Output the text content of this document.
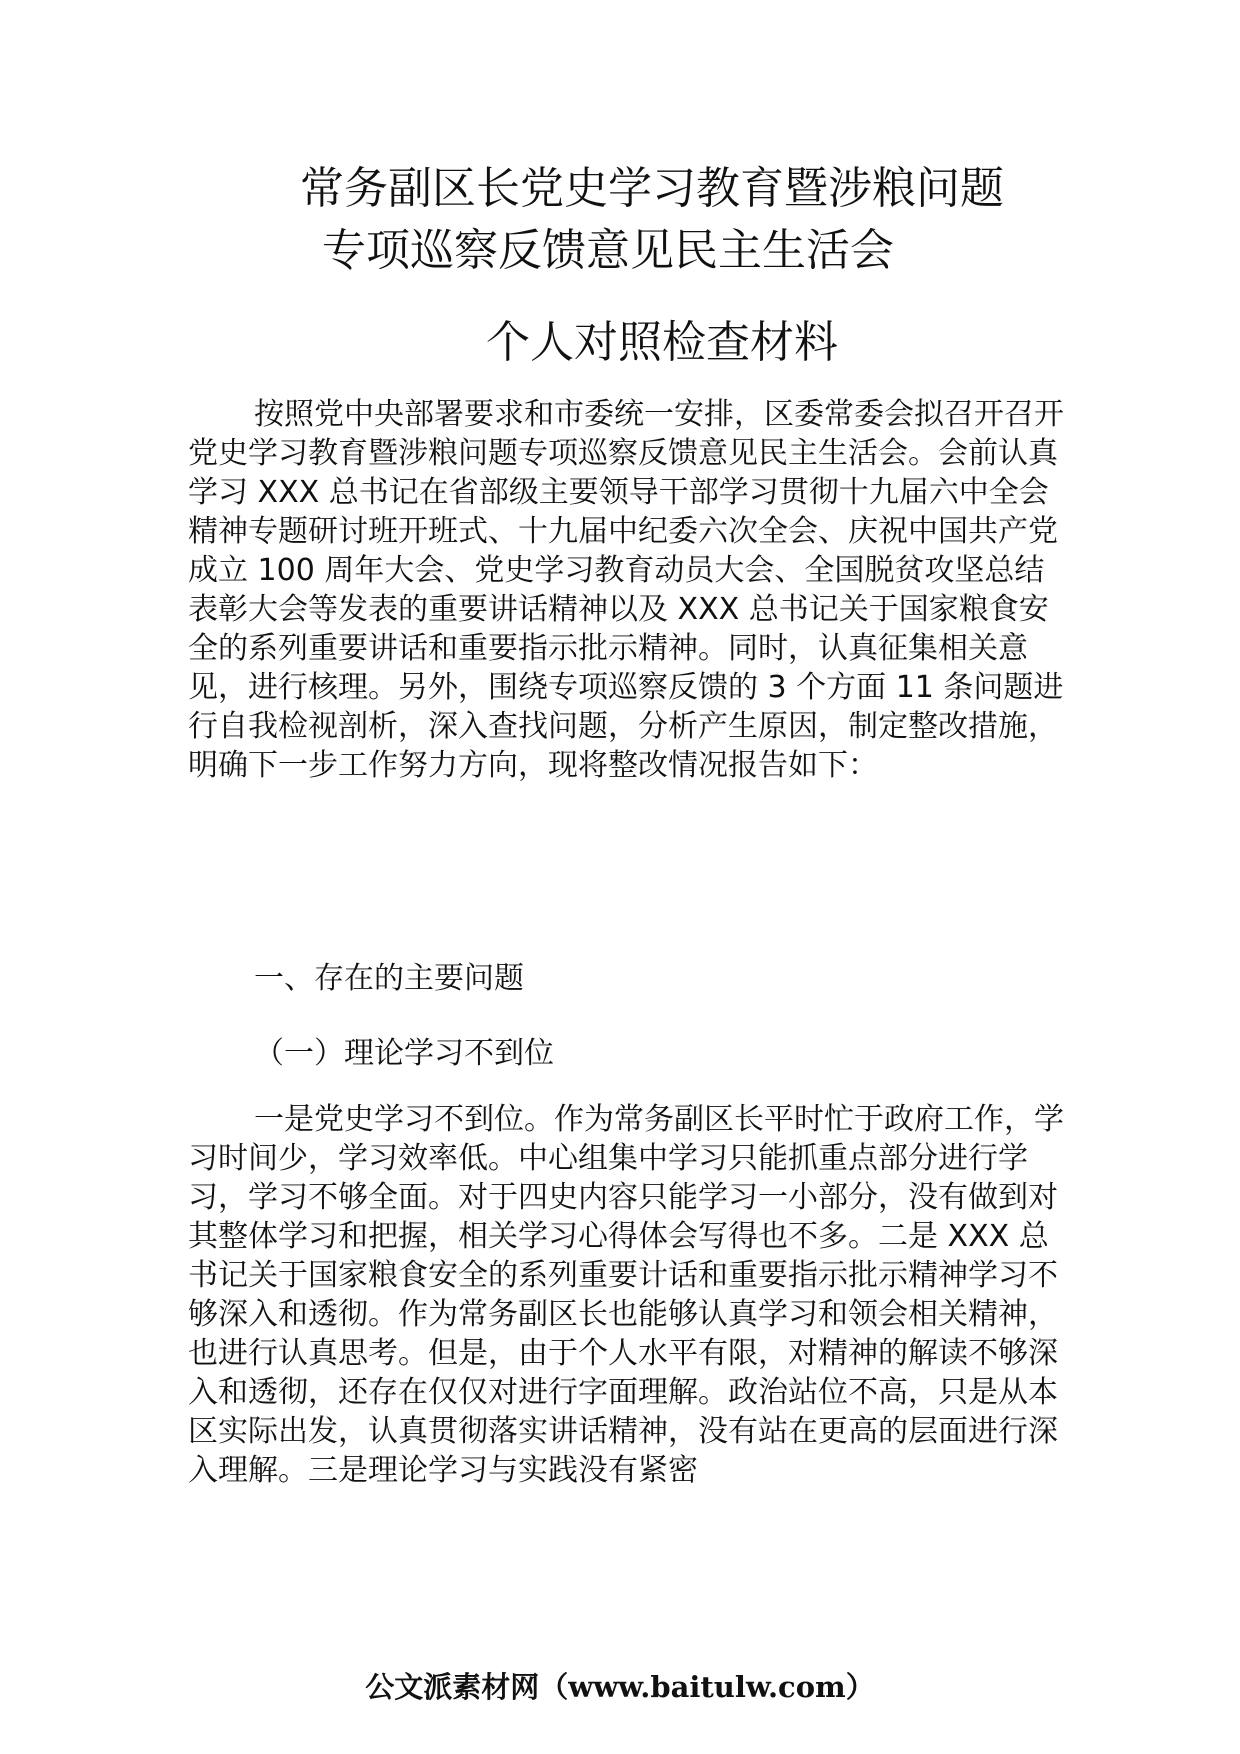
常务副区长党史学习教育暨涉粮问题
专项巡察反馈意见民主生活会
个人对照检查材料
按照党中央部署要求和市委统一安排，区委常委会拟召开召开党史学习教育暨涉粮问题专项巡察反馈意见民主生活会。会前认真学习 XXX 总书记在省部级主要领导干部学习贯彻十九届六中全会精神专题研讨班开班式、十九届中纪委六次全会、庆祝中国共产党成立 100 周年大会、党史学习教育动员大会、全国脱贫攻坚总结表彰大会等发表的重要讲话精神以及 XXX 总书记关于国家粮食安全的系列重要讲话和重要指示批示精神。同时，认真征集相关意见，进行核理。另外，围绕专项巡察反馈的 3 个方面 11 条问题进行自我检视剖析，深入查找问题，分析产生原因，制定整改措施，明确下一步工作努力方向，现将整改情况报告如下：
一、存在的主要问题
（一）理论学习不到位
一是党史学习不到位。作为常务副区长平时忙于政府工作，学习时间少，学习效率低。中心组集中学习只能抓重点部分进行学习，学习不够全面。对于四史内容只能学习一小部分，没有做到对其整体学习和把握，相关学习心得体会写得也不多。二是 XXX 总书记关于国家粮食安全的系列重要计话和重要指示批示精神学习不够深入和透彻。作为常务副区长也能够认真学习和领会相关精神，也进行认真思考。但是，由于个人水平有限，对精神的解读不够深入和透彻，还存在仅仅对进行字面理解。政治站位不高，只是从本区实际出发，认真贯彻落实讲话精神，没有站在更高的层面进行深入理解。三是理论学习与实践没有紧密
公文派素材网（www.baitulw.com）
